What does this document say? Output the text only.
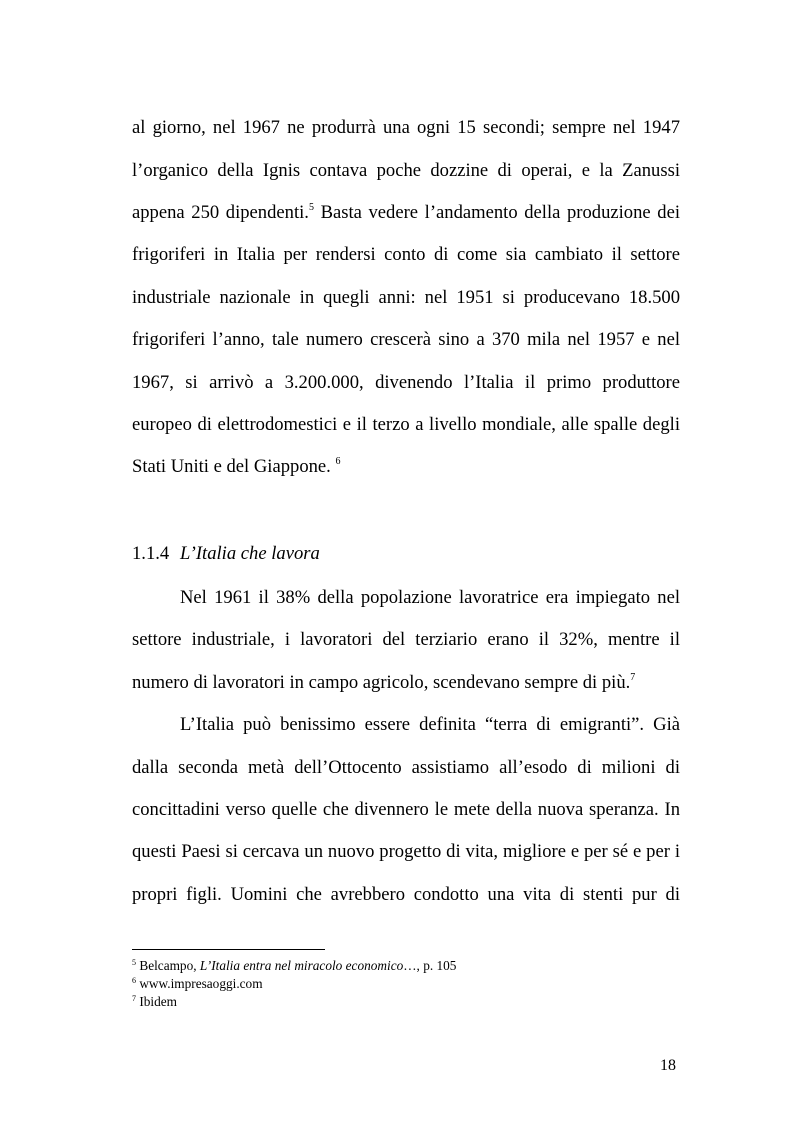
al giorno, nel 1967 ne produrrà una ogni 15 secondi; sempre nel 1947
l’organico della Ignis contava poche dozzine di operai, e la Zanussi
appena 250 dipendenti.$^5$ Basta vedere l’andamento della produzione dei
frigoriferi in Italia per rendersi conto di come sia cambiato il settore
industriale nazionale in quegli anni: nel 1951 si producevano 18.500
frigoriferi l’anno, tale numero crescerà sino a 370 mila nel 1957 e nel
1967, si arrivò a 3.200.000, divenendo l’Italia il primo produttore
europeo di elettrodomestici e il terzo a livello mondiale, alle spalle degli
Stati Uniti e del Giappone. $^6$
1.1.4 L’Italia che lavora
Nel 1961 il 38% della popolazione lavoratrice era impiegato nel
settore industriale, i lavoratori del terziario erano il 32%, mentre il
numero di lavoratori in campo agricolo, scendevano sempre di più.$^7$
L’Italia può benissimo essere definita “terra di emigranti”. Già
dalla seconda metà dell’Ottocento assistiamo all’esodo di milioni di
concittadini verso quelle che divennero le mete della nuova speranza. In
questi Paesi si cercava un nuovo progetto di vita, migliore e per sé e per i
propri figli. Uomini che avrebbero condotto una vita di stenti pur di
$^5$ Belcampo, L’Italia entra nel miracolo economico…, p. 105
$^6$ www.impresaoggi.com
$^7$ Ibidem
18
